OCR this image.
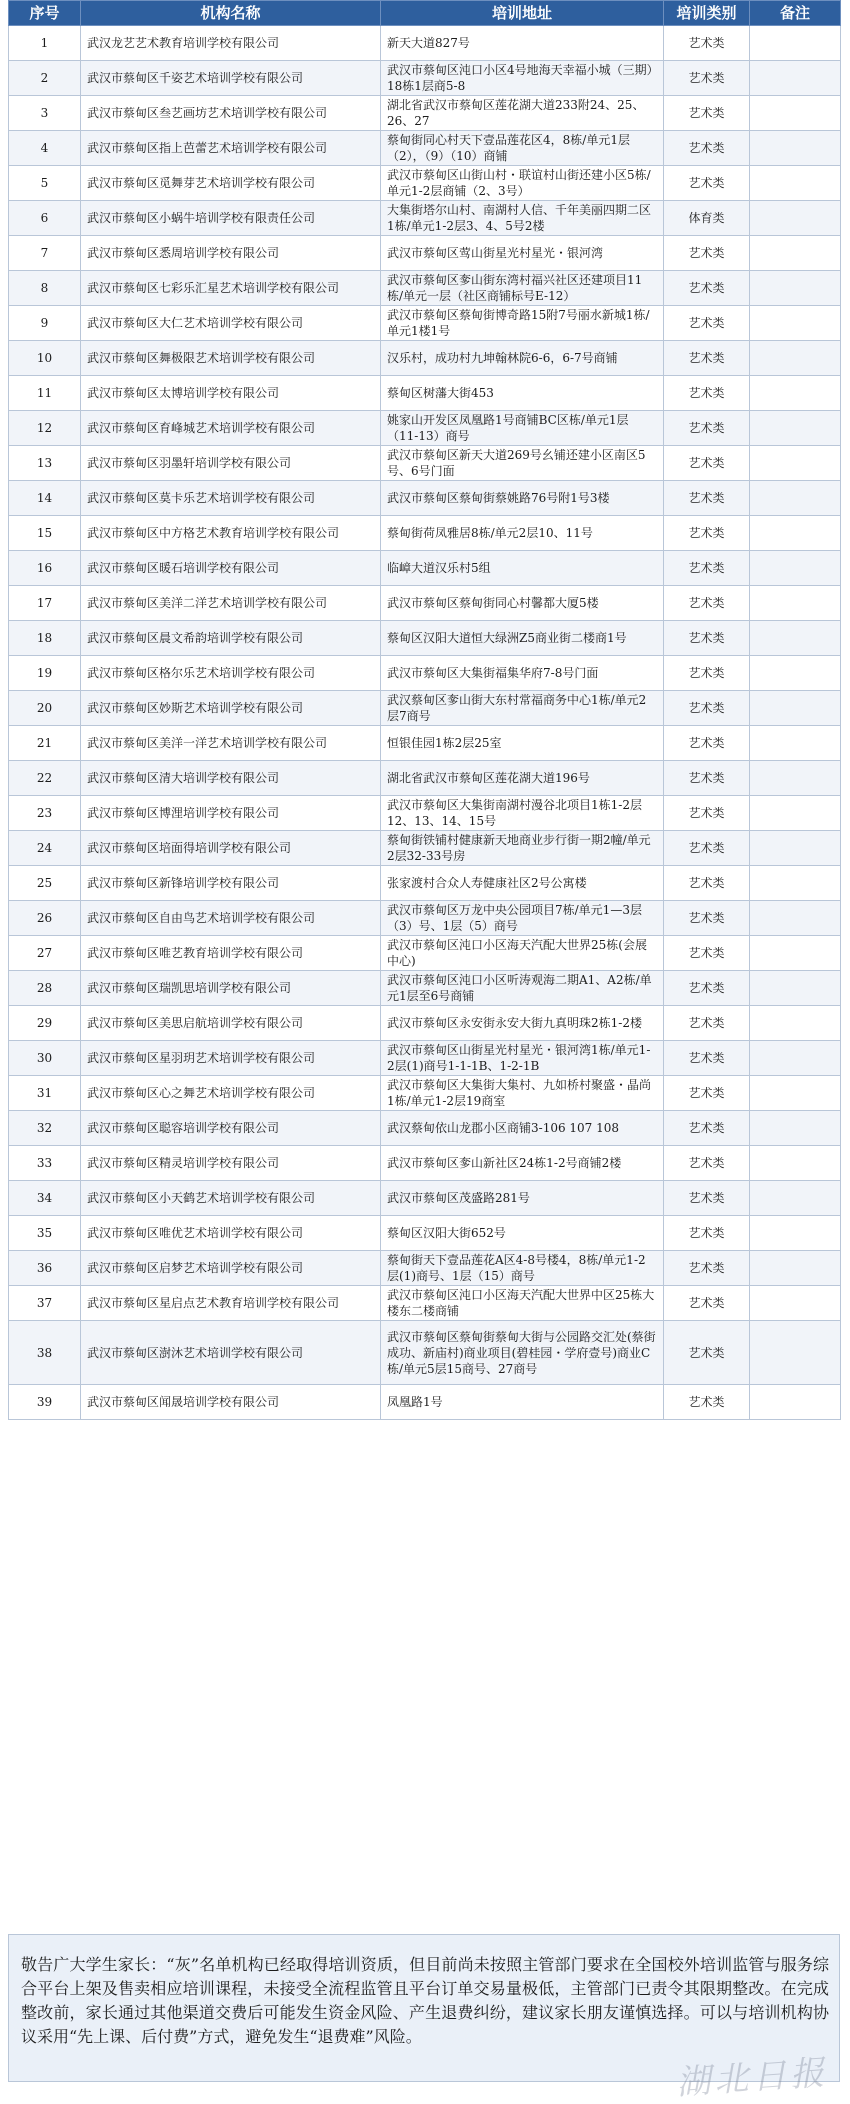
序号	机构名称	培训地址	培训类别	备注
1	武汉龙艺艺术教育培训学校有限公司	新天大道827号	艺术类	
2	武汉市蔡甸区千姿艺术培训学校有限公司	武汉市蔡甸区沌口小区4号地海天幸福小城（三期）18栋1层商5-8	艺术类	
3	武汉市蔡甸区叁艺画坊艺术培训学校有限公司	湖北省武汉市蔡甸区莲花湖大道233附24、25、26、27	艺术类	
4	武汉市蔡甸区指上芭蕾艺术培训学校有限公司	蔡甸街同心村天下壹品莲花区4，8栋/单元1层（2），（9）（10）商铺	艺术类	
5	武汉市蔡甸区觅舞芽艺术培训学校有限公司	武汉市蔡甸区山街山村・联谊村山街还建小区5栋/单元1-2层商铺（2、3号）	艺术类	
6	武汉市蔡甸区小蜗牛培训学校有限责任公司	大集街塔尔山村、南湖村人信、千年美丽四期二区1栋/单元1-2层3、4、5号2楼	体育类	
7	武汉市蔡甸区悉周培训学校有限公司	武汉市蔡甸区莺山街星光村星光・银河湾	艺术类	
8	武汉市蔡甸区七彩乐汇星艺术培训学校有限公司	武汉市蔡甸区奓山街东湾村福兴社区还建项目11栋/单元一层（社区商铺标号E-12）	艺术类	
9	武汉市蔡甸区大仁艺术培训学校有限公司	武汉市蔡甸区蔡甸街博奇路15附7号丽水新城1栋/单元1楼1号	艺术类	
10	武汉市蔡甸区舞极限艺术培训学校有限公司	汉乐村，成功村九坤翰林院6-6，6-7号商铺	艺术类	
11	武汉市蔡甸区太博培训学校有限公司	蔡甸区树藩大街453	艺术类	
12	武汉市蔡甸区育峰城艺术培训学校有限公司	姚家山开发区凤凰路1号商铺BC区栋/单元1层（11-13）商号	艺术类	
13	武汉市蔡甸区羽墨轩培训学校有限公司	武汉市蔡甸区新天大道269号幺铺还建小区南区5号、6号门面	艺术类	
14	武汉市蔡甸区莫卡乐艺术培训学校有限公司	武汉市蔡甸区蔡甸街蔡姚路76号附1号3楼	艺术类	
15	武汉市蔡甸区中方格艺术教育培训学校有限公司	蔡甸街荷凤雅居8栋/单元2层10、11号	艺术类	
16	武汉市蔡甸区暖石培训学校有限公司	临嶂大道汉乐村5组	艺术类	
17	武汉市蔡甸区美洋二洋艺术培训学校有限公司	武汉市蔡甸区蔡甸街同心村馨都大厦5楼	艺术类	
18	武汉市蔡甸区晨文希韵培训学校有限公司	蔡甸区汉阳大道恒大绿洲Z5商业街二楼商1号	艺术类	
19	武汉市蔡甸区格尔乐艺术培训学校有限公司	武汉市蔡甸区大集街福集华府7-8号门面	艺术类	
20	武汉市蔡甸区妙斯艺术培训学校有限公司	武汉蔡甸区奓山街大东村常福商务中心1栋/单元2层7商号	艺术类	
21	武汉市蔡甸区美洋一洋艺术培训学校有限公司	恒银佳园1栋2层25室	艺术类	
22	武汉市蔡甸区清大培训学校有限公司	湖北省武汉市蔡甸区莲花湖大道196号	艺术类	
23	武汉市蔡甸区博浬培训学校有限公司	武汉市蔡甸区大集街南湖村漫谷北项目1栋1-2层12、13、14、15号	艺术类	
24	武汉市蔡甸区培面得培训学校有限公司	蔡甸街铁铺村健康新天地商业步行街一期2幢/单元2层32-33号房	艺术类	
25	武汉市蔡甸区新锋培训学校有限公司	张家渡村合众人寿健康社区2号公寓楼	艺术类	
26	武汉市蔡甸区自由鸟艺术培训学校有限公司	武汉市蔡甸区万龙中央公园项目7栋/单元1—3层（3）号、1层（5）商号	艺术类	
27	武汉市蔡甸区唯艺教育培训学校有限公司	武汉市蔡甸区沌口小区海天汽配大世界25栋(会展中心)	艺术类	
28	武汉市蔡甸区瑞凯思培训学校有限公司	武汉市蔡甸区沌口小区听涛观海二期A1、A2栋/单元1层至6号商铺	艺术类	
29	武汉市蔡甸区美思启航培训学校有限公司	武汉市蔡甸区永安街永安大街九真明珠2栋1-2楼	艺术类	
30	武汉市蔡甸区星羽玥艺术培训学校有限公司	武汉市蔡甸区山街星光村星光・银河湾1栋/单元1-2层(1)商号1-1-1B、1-2-1B	艺术类	
31	武汉市蔡甸区心之舞艺术培训学校有限公司	武汉市蔡甸区大集街大集村、九如桥村聚盛・晶尚1栋/单元1-2层19商室	艺术类	
32	武汉市蔡甸区聪容培训学校有限公司	武汉蔡甸依山龙郡小区商铺3-106 107 108	艺术类	
33	武汉市蔡甸区精灵培训学校有限公司	武汉市蔡甸区奓山新社区24栋1-2号商铺2楼	艺术类	
34	武汉市蔡甸区小天鹤艺术培训学校有限公司	武汉市蔡甸区茂盛路281号	艺术类	
35	武汉市蔡甸区唯优艺术培训学校有限公司	蔡甸区汉阳大街652号	艺术类	
36	武汉市蔡甸区启梦艺术培训学校有限公司	蔡甸街天下壹品莲花A区4-8号楼4，8栋/单元1-2层(1)商号、1层（15）商号	艺术类	
37	武汉市蔡甸区星启点艺术教育培训学校有限公司	武汉市蔡甸区沌口小区海天汽配大世界中区25栋大楼东二楼商铺	艺术类	
38	武汉市蔡甸区澍沐艺术培训学校有限公司	武汉市蔡甸区蔡甸街蔡甸大街与公园路交汇处(蔡街成功、新庙村)商业项目(碧桂园・学府壹号)商业C栋/单元5层15商号、27商号	艺术类	
39	武汉市蔡甸区闻晟培训学校有限公司	凤凰路1号	艺术类	
敬告广大学生家长：“灰”名单机构已经取得培训资质，但目前尚未按照主管部门要求在全国校外培训监管与服务综合平台上架及售卖相应培训课程，未接受全流程监管且平台订单交易量极低，主管部门已责令其限期整改。在完成整改前，家长通过其他渠道交费后可能发生资金风险、产生退费纠纷，建议家长朋友谨慎选择。可以与培训机构协议采用“先上课、后付费”方式，避免发生“退费难”风险。
湖北日报
